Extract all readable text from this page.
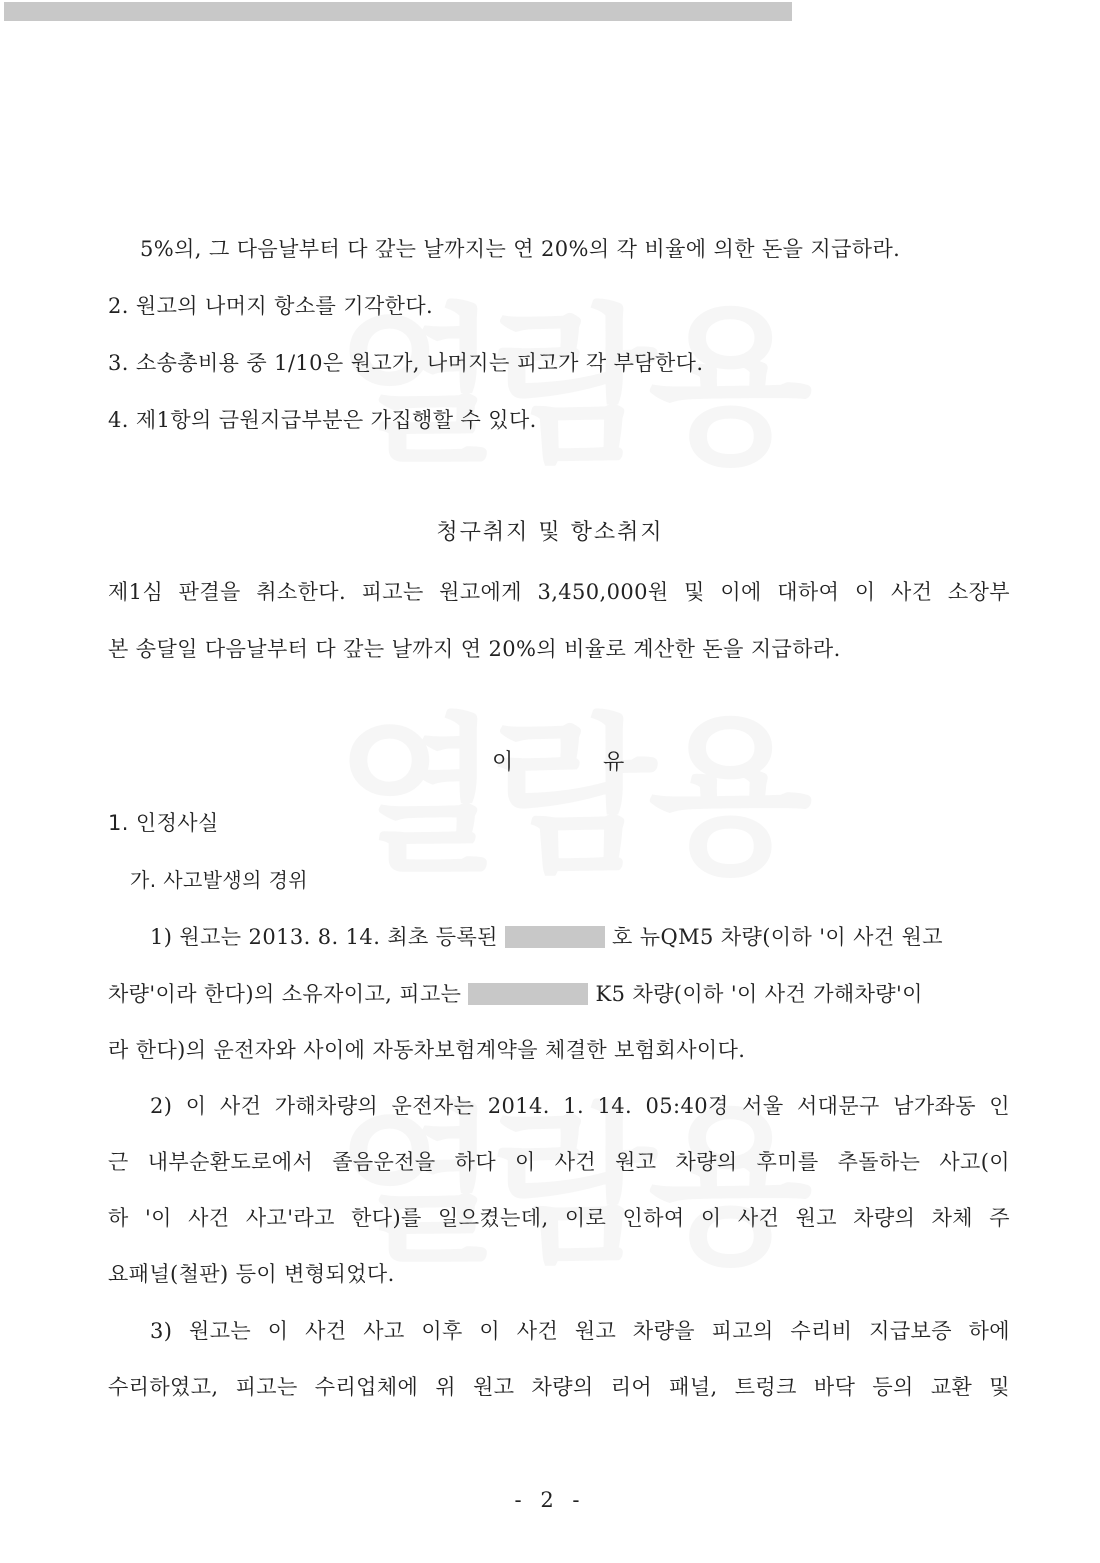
5%의, 그 다음날부터 다 갚는 날까지는 연 20%의 각 비율에 의한 돈을 지급하라.
2. 원고의 나머지 항소를 기각한다.
3. 소송총비용 중 1/10은 원고가, 나머지는 피고가 각 부담한다.
4. 제1항의 금원지급부분은 가집행할 수 있다.
청구취지 및 항소취지
제1심 판결을 취소한다. 피고는 원고에게 3,450,000원 및 이에 대하여 이 사건 소장부
본 송달일 다음날부터 다 갚는 날까지 연 20%의 비율로 계산한 돈을 지급하라.
이	유
1. 인정사실
가. 사고발생의 경위
1) 원고는 2013. 8. 14. 최초 등록된	호 뉴QM5 차량(이하 '이 사건 원고
차량'이라 한다)의 소유자이고, 피고는	K5 차량(이하 '이 사건 가해차량'이
라 한다)의 운전자와 사이에 자동차보험계약을 체결한 보험회사이다.
2) 이 사건 가해차량의 운전자는 2014. 1. 14. 05:40경 서울 서대문구 남가좌동 인
근 내부순환도로에서 졸음운전을 하다 이 사건 원고 차량의 후미를 추돌하는 사고(이
하 '이 사건 사고'라고 한다)를 일으켰는데, 이로 인하여 이 사건 원고 차량의 차체 주
요패널(철판) 등이 변형되었다.
3) 원고는 이 사건 사고 이후 이 사건 원고 차량을 피고의 수리비 지급보증 하에
수리하였고, 피고는 수리업체에 위 원고 차량의 리어 패널, 트렁크 바닥 등의 교환 및
- 2 -
